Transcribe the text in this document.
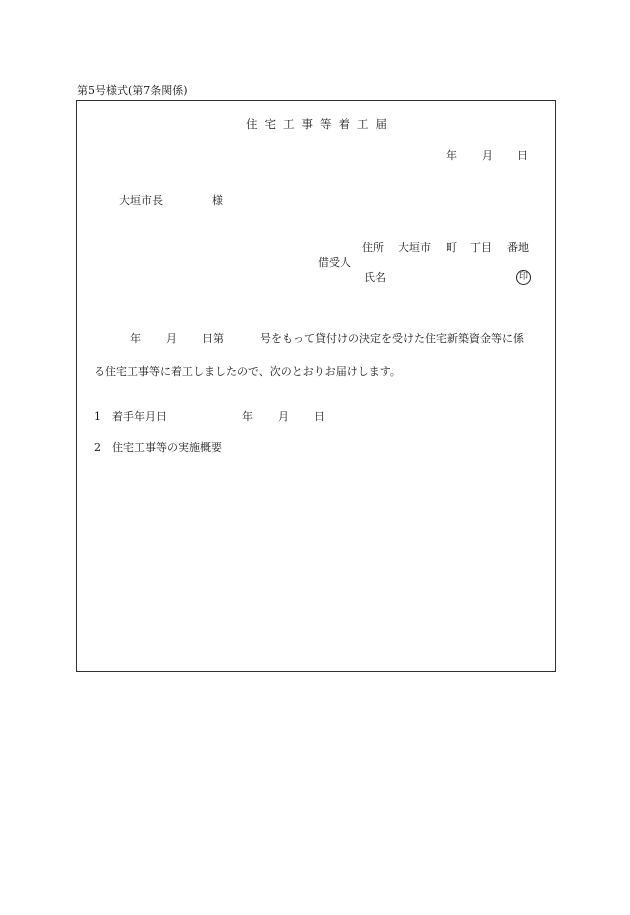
第5号様式(第7条関係)
住宅工事等着工届
年 月 日
大垣市長	様
住所 大垣市 町 丁目 番地
借受人
氏名	印
年 月 日第	号をもって貸付けの決定を受けた住宅新築資金等に係
る住宅工事等に着工しましたので、次のとおりお届けします。
1 着手年月日	年 月 日
2 住宅工事等の実施概要
